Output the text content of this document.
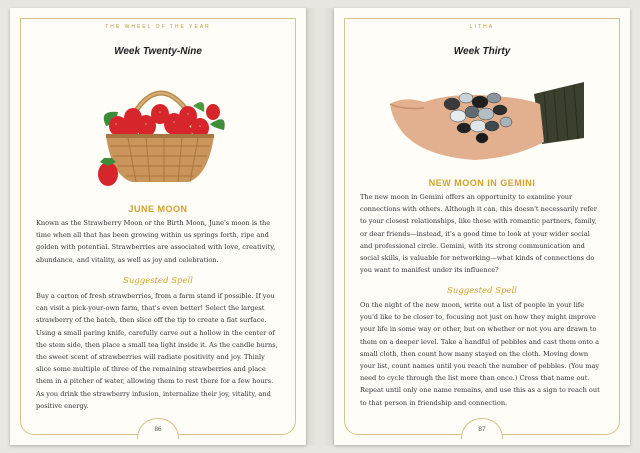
THE WHEEL OF THE YEAR
Week Twenty-Nine
JUNE MOON

Known as the Strawberry Moon or the Birth Moon, June's moon is the time when all that has been growing within us springs forth, ripe and golden with potential. Strawberries are associated with love, creativity, abundance, and vitality, as well as joy and celebration.

Suggested Spell

Buy a carton of fresh strawberries, from a farm stand if possible. If you can visit a pick-your-own farm, that's even better! Select the largest strawberry of the batch, then slice off the tip to create a flat surface. Using a small paring knife, carefully carve out a hollow in the center of the stem side, then place a small tea light inside it. As the candle burns, the sweet scent of strawberries will radiate positivity and joy. Thinly slice some multiple of three of the remaining strawberries and place them in a pitcher of water, allowing them to rest there for a few hours. As you drink the strawberry infusion, internalize their joy, vitality, and positive energy.

86
LITHA
Week Thirty
NEW MOON IN GEMINI

The new moon in Gemini offers an opportunity to examine your connections with others. Although it can, this doesn't necessarily refer to your closest relationships, like these with romantic partners, family, or dear friends—instead, it's a good time to look at your wider social and professional circle. Gemini, with its strong communication and social skills, is valuable for networking—what kinds of connections do you want to manifest under its influence?

Suggested Spell

On the night of the new moon, write out a list of people in your life you'd like to be closer to, focusing not just on how they might improve your life in some way or other, but on whether or not you are drawn to them on a deeper level. Take a handful of pebbles and cast them onto a small cloth, then count how many stayed on the cloth. Moving down your list, count names until you reach the number of pebbles. (You may need to cycle through the list more than once.) Cross that name out. Repeat until only one name remains, and use this as a sign to reach out to that person in friendship and connection.

87
